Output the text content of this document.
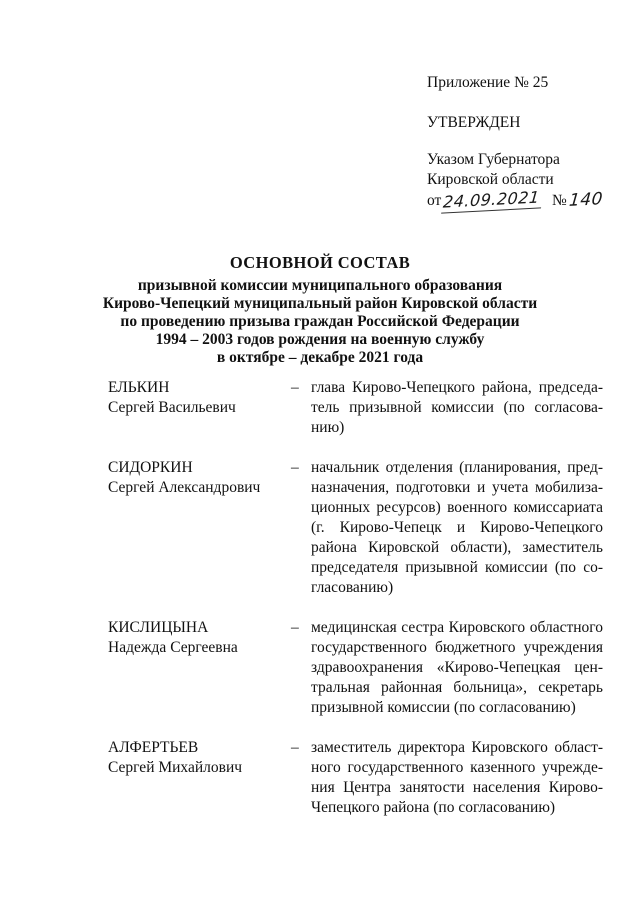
Приложение № 25
УТВЕРЖДЕН
Указом Губернатора
Кировской области
от 24.09.2021 № 140
ОСНОВНОЙ СОСТАВ
призывной комиссии муниципального образования
Кирово-Чепецкий муниципальный район Кировской области
по проведению призыва граждан Российской Федерации
1994 – 2003 годов рождения на военную службу
в октябре – декабре 2021 года
ЕЛЬКИН
Сергей Васильевич
– глава Кирово-Чепецкого района, председа-
тель призывной комиссии (по согласова-
нию)
СИДОРКИН
Сергей Александрович
– начальник отделения (планирования, пред-
назначения, подготовки и учета мобилиза-
ционных ресурсов) военного комиссариата
(г. Кирово-Чепецк и Кирово-Чепецкого
района Кировской области), заместитель
председателя призывной комиссии (по со-
гласованию)
КИСЛИЦЫНА
Надежда Сергеевна
– медицинская сестра Кировского областного
государственного бюджетного учреждения
здравоохранения «Кирово-Чепецкая цен-
тральная районная больница», секретарь
призывной комиссии (по согласованию)
АЛФЕРТЬЕВ
Сергей Михайлович
– заместитель директора Кировского област-
ного государственного казенного учрежде-
ния Центра занятости населения Кирово-
Чепецкого района (по согласованию)
